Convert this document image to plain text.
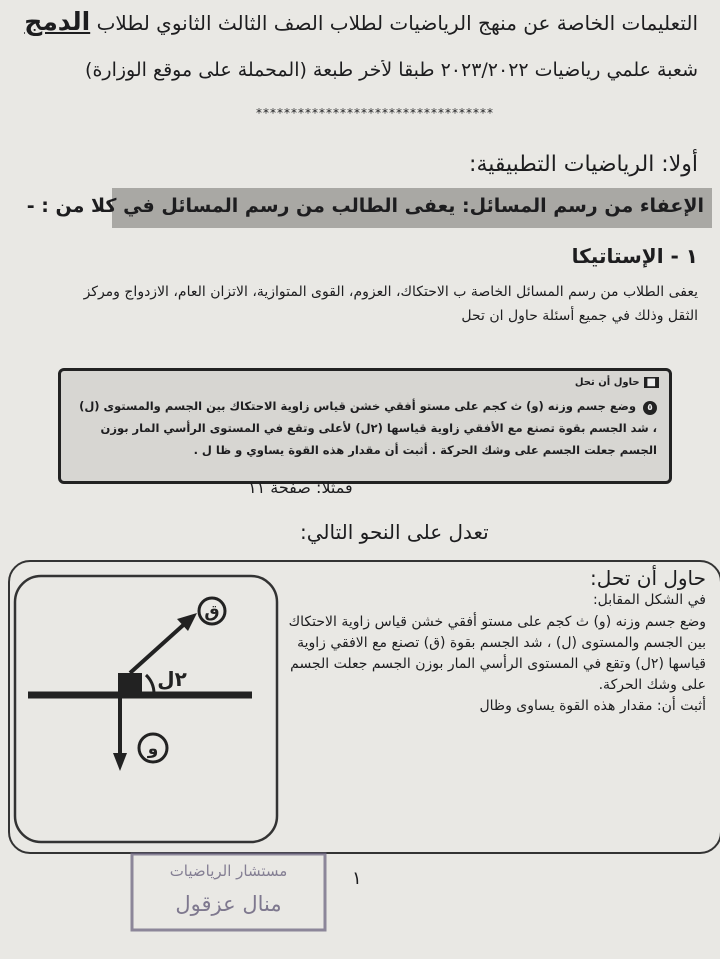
التعليمات الخاصة عن منهج الرياضيات لطلاب الصف الثالث الثانوي لطلاب الدمج
شعبة علمي رياضيات ٢٠٢٣/٢٠٢٢ طبقا لأخر طبعة (المحملة على موقع الوزارة)
**********************************
أولا: الرياضيات التطبيقية:
الإعفاء من رسم المسائل: يعفى الطالب من رسم المسائل في كلا من : -
١ - الإستاتيكا
يعفى الطلاب من رسم المسائل الخاصة ب الاحتكاك، العزوم، القوى المتوازية، الاتزان العام، الازدواج ومركز الثقل وذلك في جميع أسئلة حاول ان تحل
■حاول أن تحل
٥ وضع جسم وزنه (و) ث كجم على مستو أفقي خشن قياس زاوية الاحتكاك بين الجسم والمستوى (ل) ، شد الجسم بقوة تصنع مع الأفقي زاوية قياسها (٢ل) لأعلى وتقع في المستوى الرأسي المار بوزن الجسم جعلت الجسم على وشك الحركة . أثبت أن مقدار هذه القوة يساوي و ظا ل .
فمثلا: صفحة ١١
تعدل على النحو التالي:

حاول أن تحل:

في الشكل المقابل:

وضع جسم وزنه (و) ث كجم على مستو أفقي خشن قياس زاوية الاحتكاك بين الجسم والمستوى (ل) ، شد الجسم بقوة (ق) تصنع مع الافقي زاوية قياسها (٢ل) وتقع في المستوى الرأسي المار بوزن الجسم جعلت الجسم على وشك الحركة.
أثبت أن: مقدار هذه القوة يساوى وظال
ق
و
٢ل
١
مستشار الرياضيات
منال عزقول
